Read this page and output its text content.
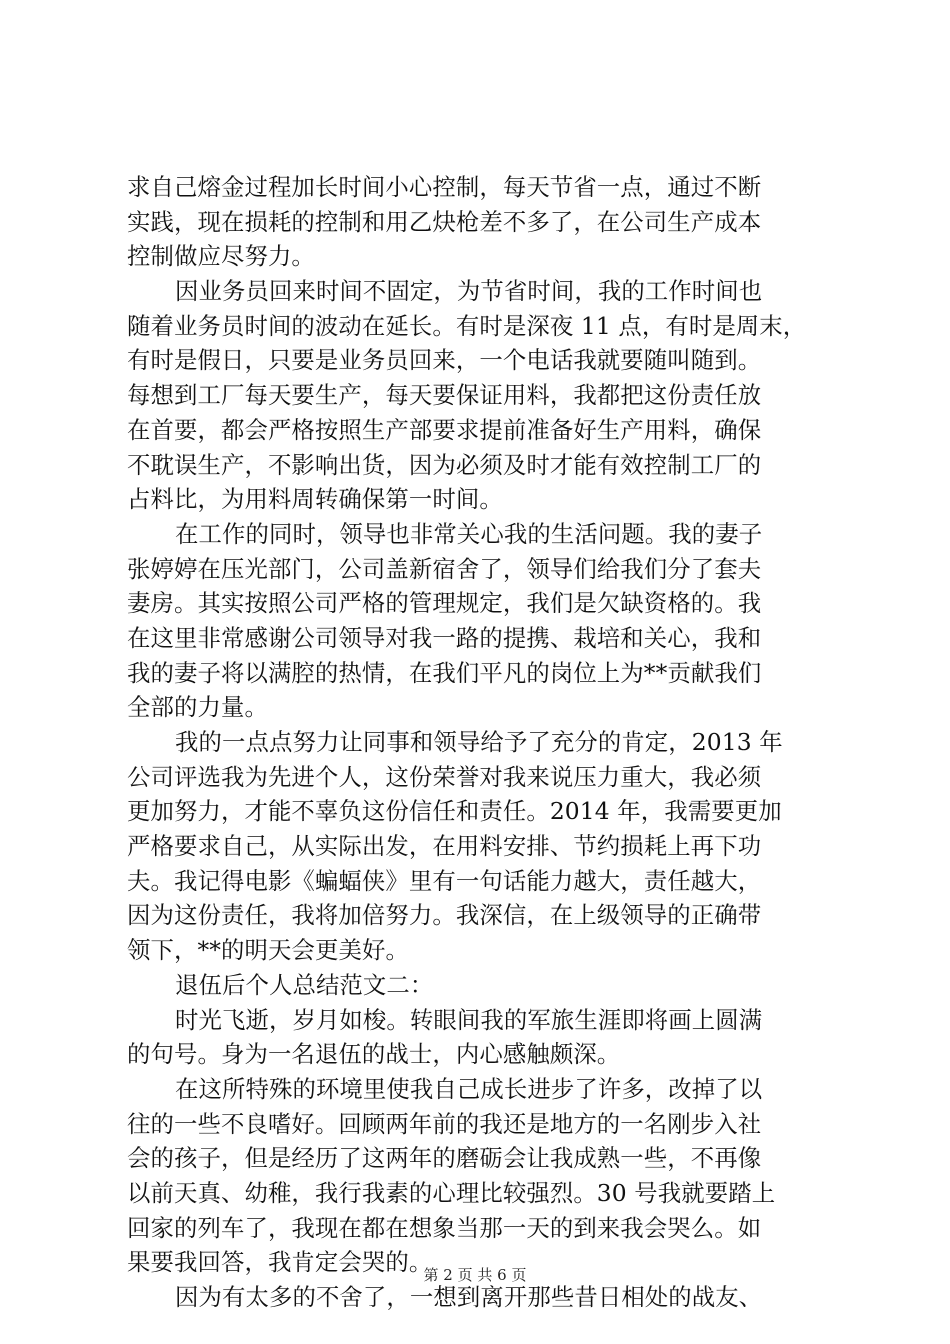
求自己熔金过程加长时间小心控制，每天节省一点，通过不断
实践，现在损耗的控制和用乙炔枪差不多了，在公司生产成本
控制做应尽努力。
因业务员回来时间不固定，为节省时间，我的工作时间也
随着业务员时间的波动在延长。有时是深夜 11 点，有时是周末，
有时是假日，只要是业务员回来，一个电话我就要随叫随到。
每想到工厂每天要生产，每天要保证用料，我都把这份责任放
在首要，都会严格按照生产部要求提前准备好生产用料，确保
不耽误生产，不影响出货，因为必须及时才能有效控制工厂的
占料比，为用料周转确保第一时间。
在工作的同时，领导也非常关心我的生活问题。我的妻子
张婷婷在压光部门，公司盖新宿舍了，领导们给我们分了套夫
妻房。其实按照公司严格的管理规定，我们是欠缺资格的。我
在这里非常感谢公司领导对我一路的提携、栽培和关心，我和
我的妻子将以满腔的热情，在我们平凡的岗位上为**贡献我们
全部的力量。
我的一点点努力让同事和领导给予了充分的肯定，2013 年
公司评选我为先进个人，这份荣誉对我来说压力重大，我必须
更加努力，才能不辜负这份信任和责任。2014 年，我需要更加
严格要求自己，从实际出发，在用料安排、节约损耗上再下功
夫。我记得电影《蝙蝠侠》里有一句话能力越大，责任越大，
因为这份责任，我将加倍努力。我深信，在上级领导的正确带
领下，**的明天会更美好。
退伍后个人总结范文二：
时光飞逝，岁月如梭。转眼间我的军旅生涯即将画上圆满
的句号。身为一名退伍的战士，内心感触颇深。
在这所特殊的环境里使我自己成长进步了许多，改掉了以
往的一些不良嗜好。回顾两年前的我还是地方的一名刚步入社
会的孩子，但是经历了这两年的磨砺会让我成熟一些，不再像
以前天真、幼稚，我行我素的心理比较强烈。30 号我就要踏上
回家的列车了，我现在都在想象当那一天的到来我会哭么。如
果要我回答，我肯定会哭的。
因为有太多的不舍了，一想到离开那些昔日相处的战友、
第 2 页 共 6 页
